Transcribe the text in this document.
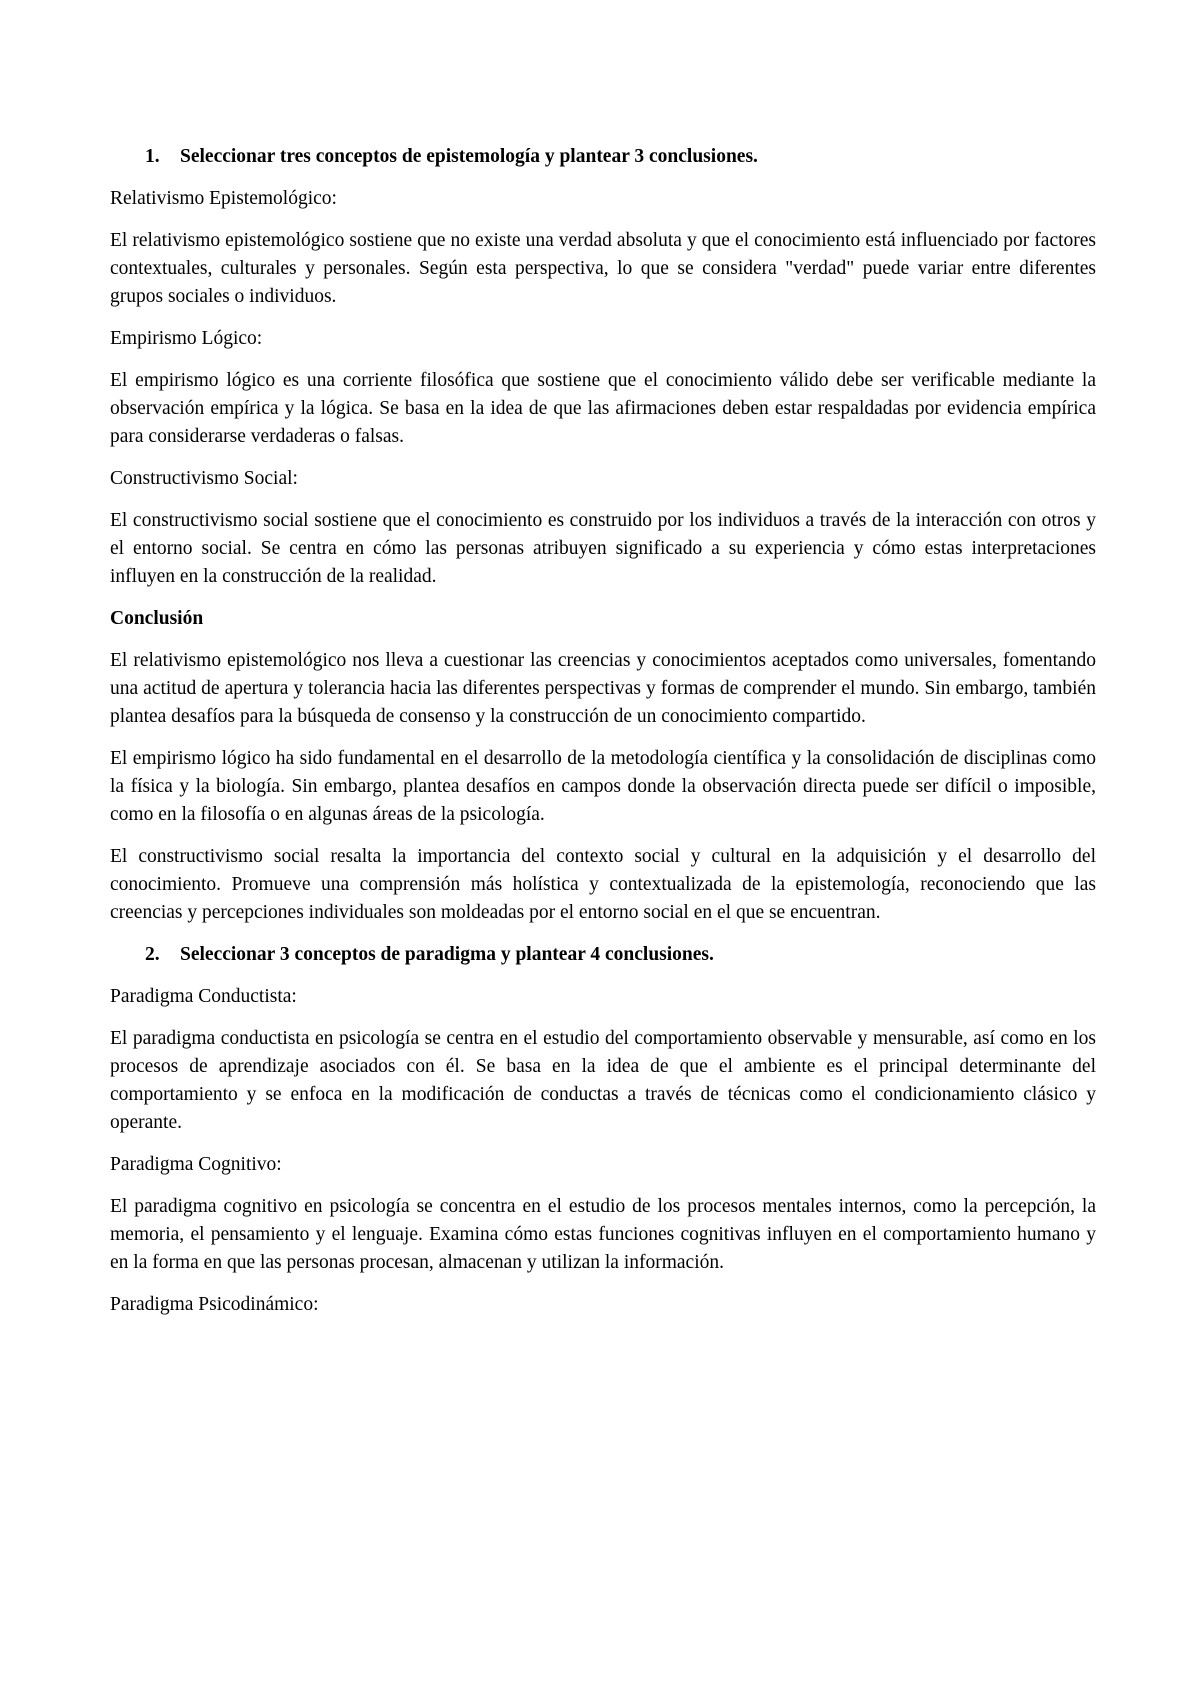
1.	Seleccionar tres conceptos de epistemología y plantear 3 conclusiones.

Relativismo Epistemológico:

El relativismo epistemológico sostiene que no existe una verdad absoluta y que el conocimiento está influenciado por factores contextuales, culturales y personales. Según esta perspectiva, lo que se considera "verdad" puede variar entre diferentes grupos sociales o individuos.

Empirismo Lógico:

El empirismo lógico es una corriente filosófica que sostiene que el conocimiento válido debe ser verificable mediante la observación empírica y la lógica. Se basa en la idea de que las afirmaciones deben estar respaldadas por evidencia empírica para considerarse verdaderas o falsas.

Constructivismo Social:

El constructivismo social sostiene que el conocimiento es construido por los individuos a través de la interacción con otros y el entorno social. Se centra en cómo las personas atribuyen significado a su experiencia y cómo estas interpretaciones influyen en la construcción de la realidad.

Conclusión

El relativismo epistemológico nos lleva a cuestionar las creencias y conocimientos aceptados como universales, fomentando una actitud de apertura y tolerancia hacia las diferentes perspectivas y formas de comprender el mundo. Sin embargo, también plantea desafíos para la búsqueda de consenso y la construcción de un conocimiento compartido.

El empirismo lógico ha sido fundamental en el desarrollo de la metodología científica y la consolidación de disciplinas como la física y la biología. Sin embargo, plantea desafíos en campos donde la observación directa puede ser difícil o imposible, como en la filosofía o en algunas áreas de la psicología.

El constructivismo social resalta la importancia del contexto social y cultural en la adquisición y el desarrollo del conocimiento. Promueve una comprensión más holística y contextualizada de la epistemología, reconociendo que las creencias y percepciones individuales son moldeadas por el entorno social en el que se encuentran.

2.	Seleccionar 3 conceptos de paradigma y plantear 4 conclusiones.

Paradigma Conductista:

El paradigma conductista en psicología se centra en el estudio del comportamiento observable y mensurable, así como en los procesos de aprendizaje asociados con él. Se basa en la idea de que el ambiente es el principal determinante del comportamiento y se enfoca en la modificación de conductas a través de técnicas como el condicionamiento clásico y operante.

Paradigma Cognitivo:

El paradigma cognitivo en psicología se concentra en el estudio de los procesos mentales internos, como la percepción, la memoria, el pensamiento y el lenguaje. Examina cómo estas funciones cognitivas influyen en el comportamiento humano y en la forma en que las personas procesan, almacenan y utilizan la información.

Paradigma Psicodinámico:
